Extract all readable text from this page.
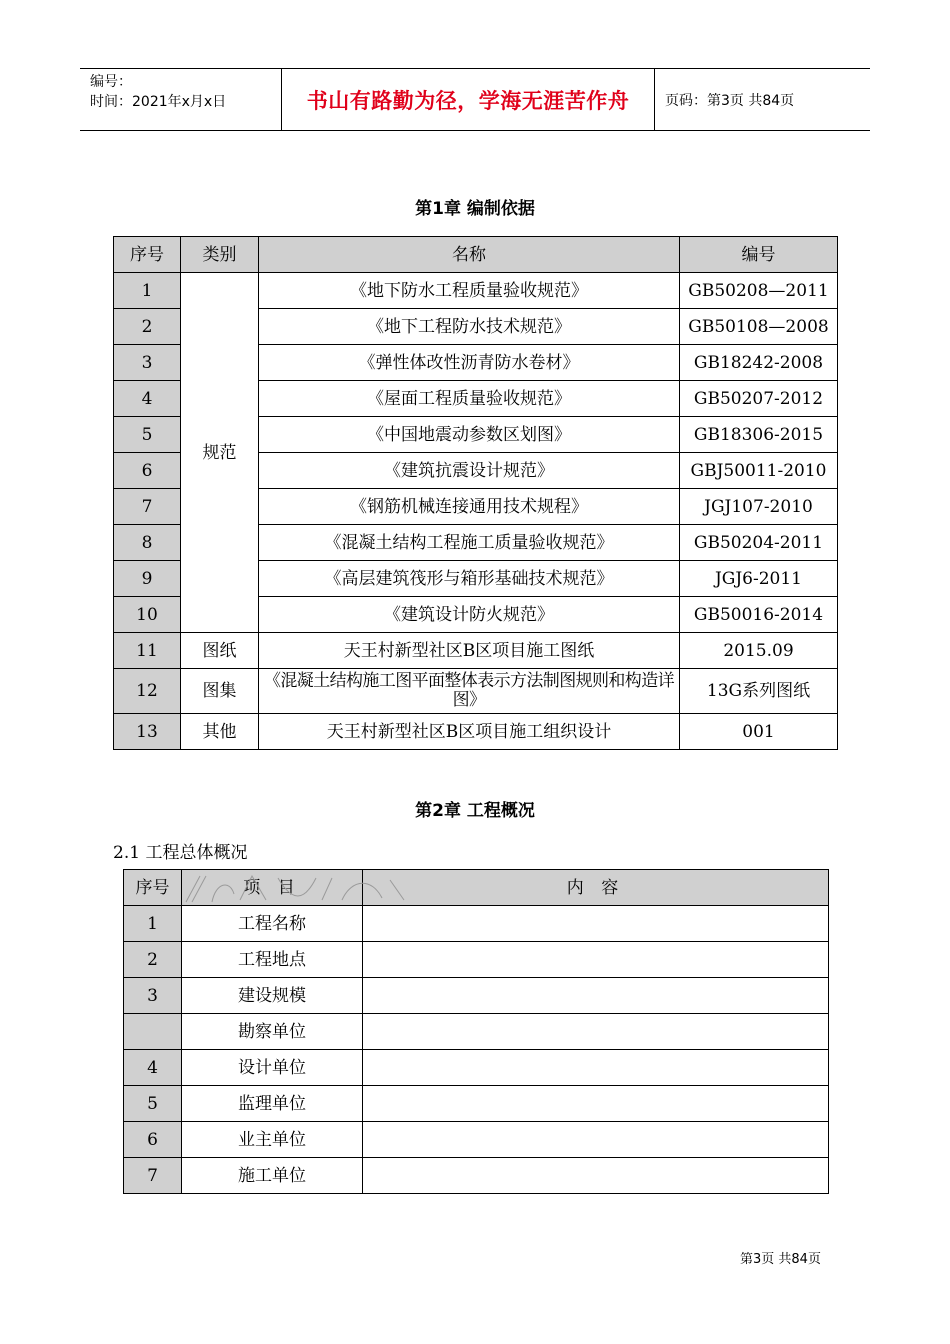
编号：
时间：2021年x月x日	书山有路勤为径，学海无涯苦作舟	页码：第3页 共84页
第1章 编制依据
序号	类别	名称	编号
1	规范	《地下防水工程质量验收规范》	GB50208—2011
2		《地下工程防水技术规范》	GB50108—2008
3		《弹性体改性沥青防水卷材》	GB18242-2008
4		《屋面工程质量验收规范》	GB50207-2012
5		《中国地震动参数区划图》	GB18306-2015
6		《建筑抗震设计规范》	GBJ50011-2010
7		《钢筋机械连接通用技术规程》	JGJ107-2010
8		《混凝土结构工程施工质量验收规范》	GB50204-2011
9		《高层建筑筏形与箱形基础技术规范》	JGJ6-2011
10		《建筑设计防火规范》	GB50016-2014
11	图纸	天王村新型社区B区项目施工图纸	2015.09
12	图集	《混凝土结构施工图平面整体表示方法制图规则和构造详图》	13G系列图纸
13	其他	天王村新型社区B区项目施工组织设计	001
第2章 工程概况
2.1 工程总体概况
序号	项 目	内 容
1	工程名称	
2	工程地点	
3	建设规模	
	勘察单位	
4	设计单位	
5	监理单位	
6	业主单位	
7	施工单位	
第3页 共84页
